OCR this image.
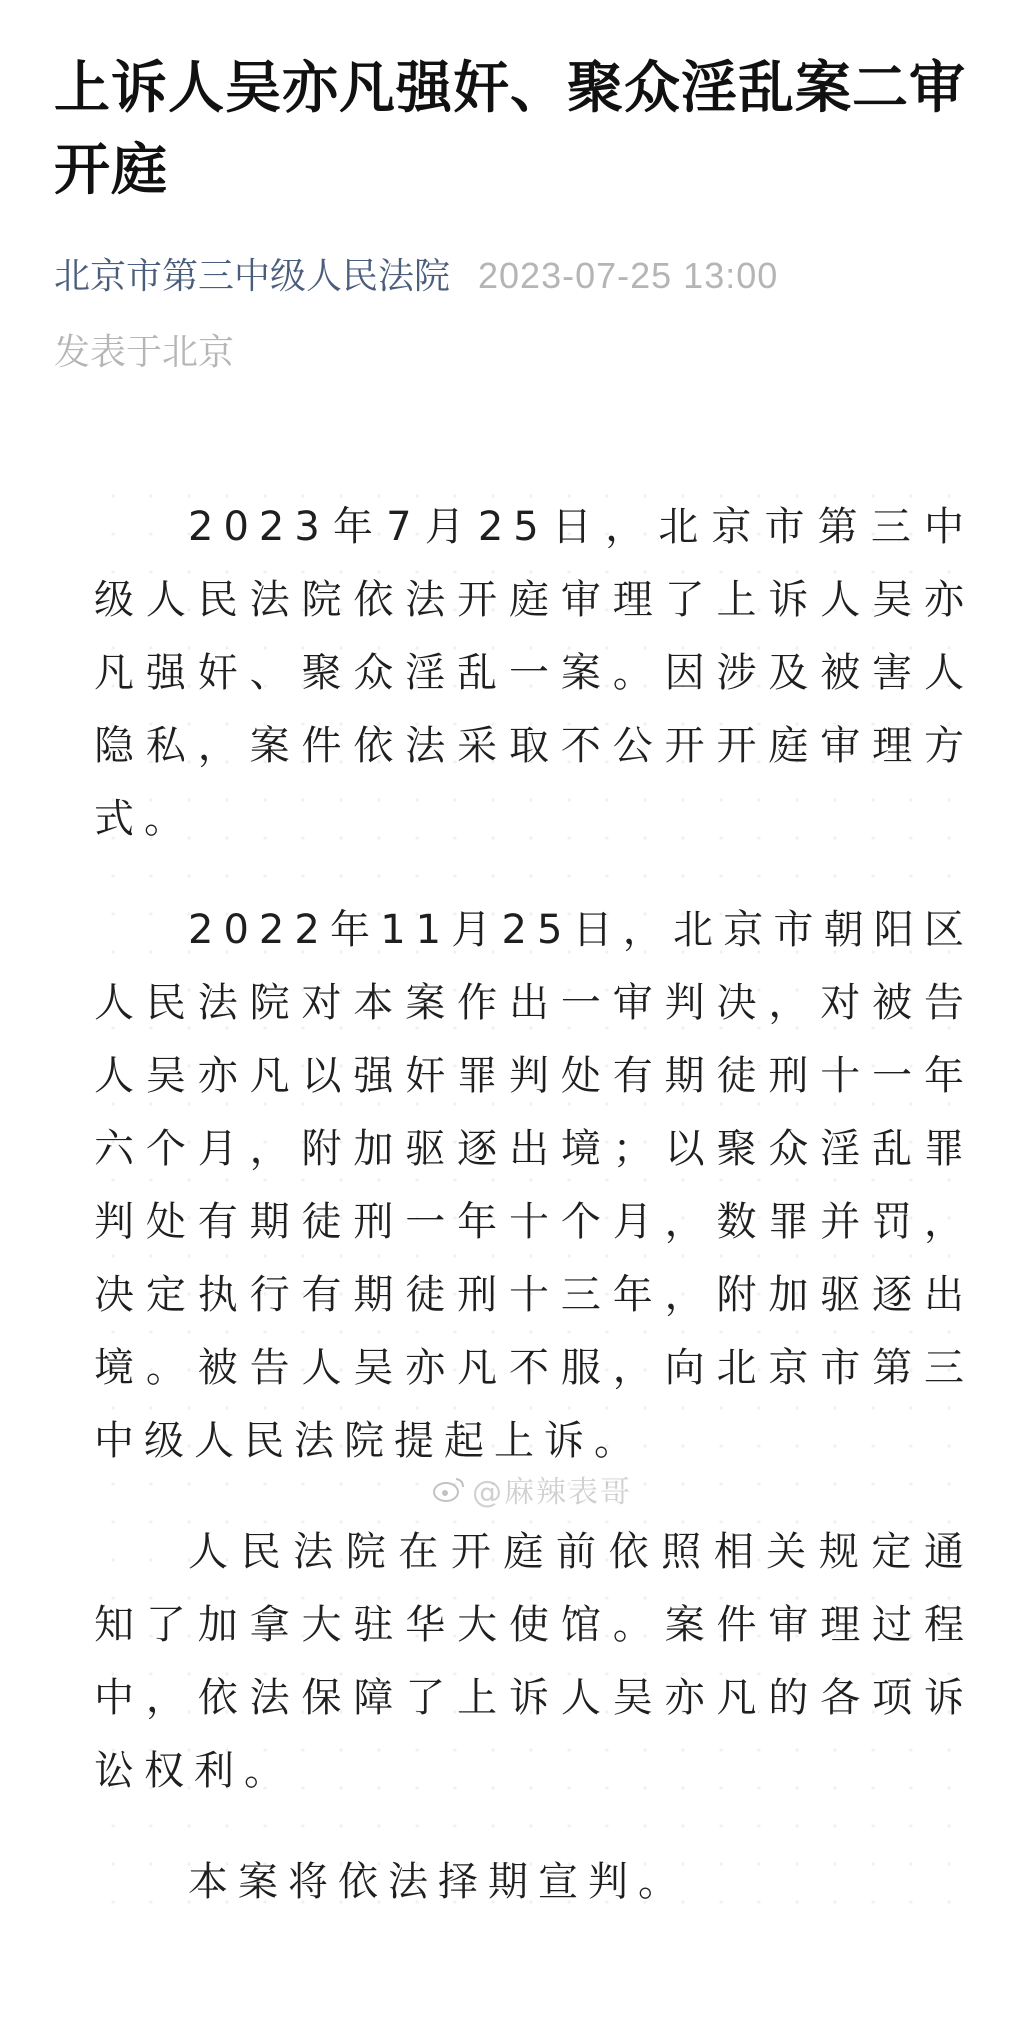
上诉人吴亦凡强奸、聚众淫乱案二审开庭
北京市第三中级人民法院 2023-07-25 13:00
发表于北京

2023年7月25日，北京市第三中级人民法院依法开庭审理了上诉人吴亦凡强奸、聚众淫乱一案。因涉及被害人隐私，案件依法采取不公开开庭审理方式。

2022年11月25日，北京市朝阳区人民法院对本案作出一审判决，对被告人吴亦凡以强奸罪判处有期徒刑十一年六个月，附加驱逐出境；以聚众淫乱罪判处有期徒刑一年十个月，数罪并罚，决定执行有期徒刑十三年，附加驱逐出境。被告人吴亦凡不服，向北京市第三中级人民法院提起上诉。

人民法院在开庭前依照相关规定通知了加拿大驻华大使馆。案件审理过程中，依法保障了上诉人吴亦凡的各项诉讼权利。

本案将依法择期宣判。

@麻辣表哥
